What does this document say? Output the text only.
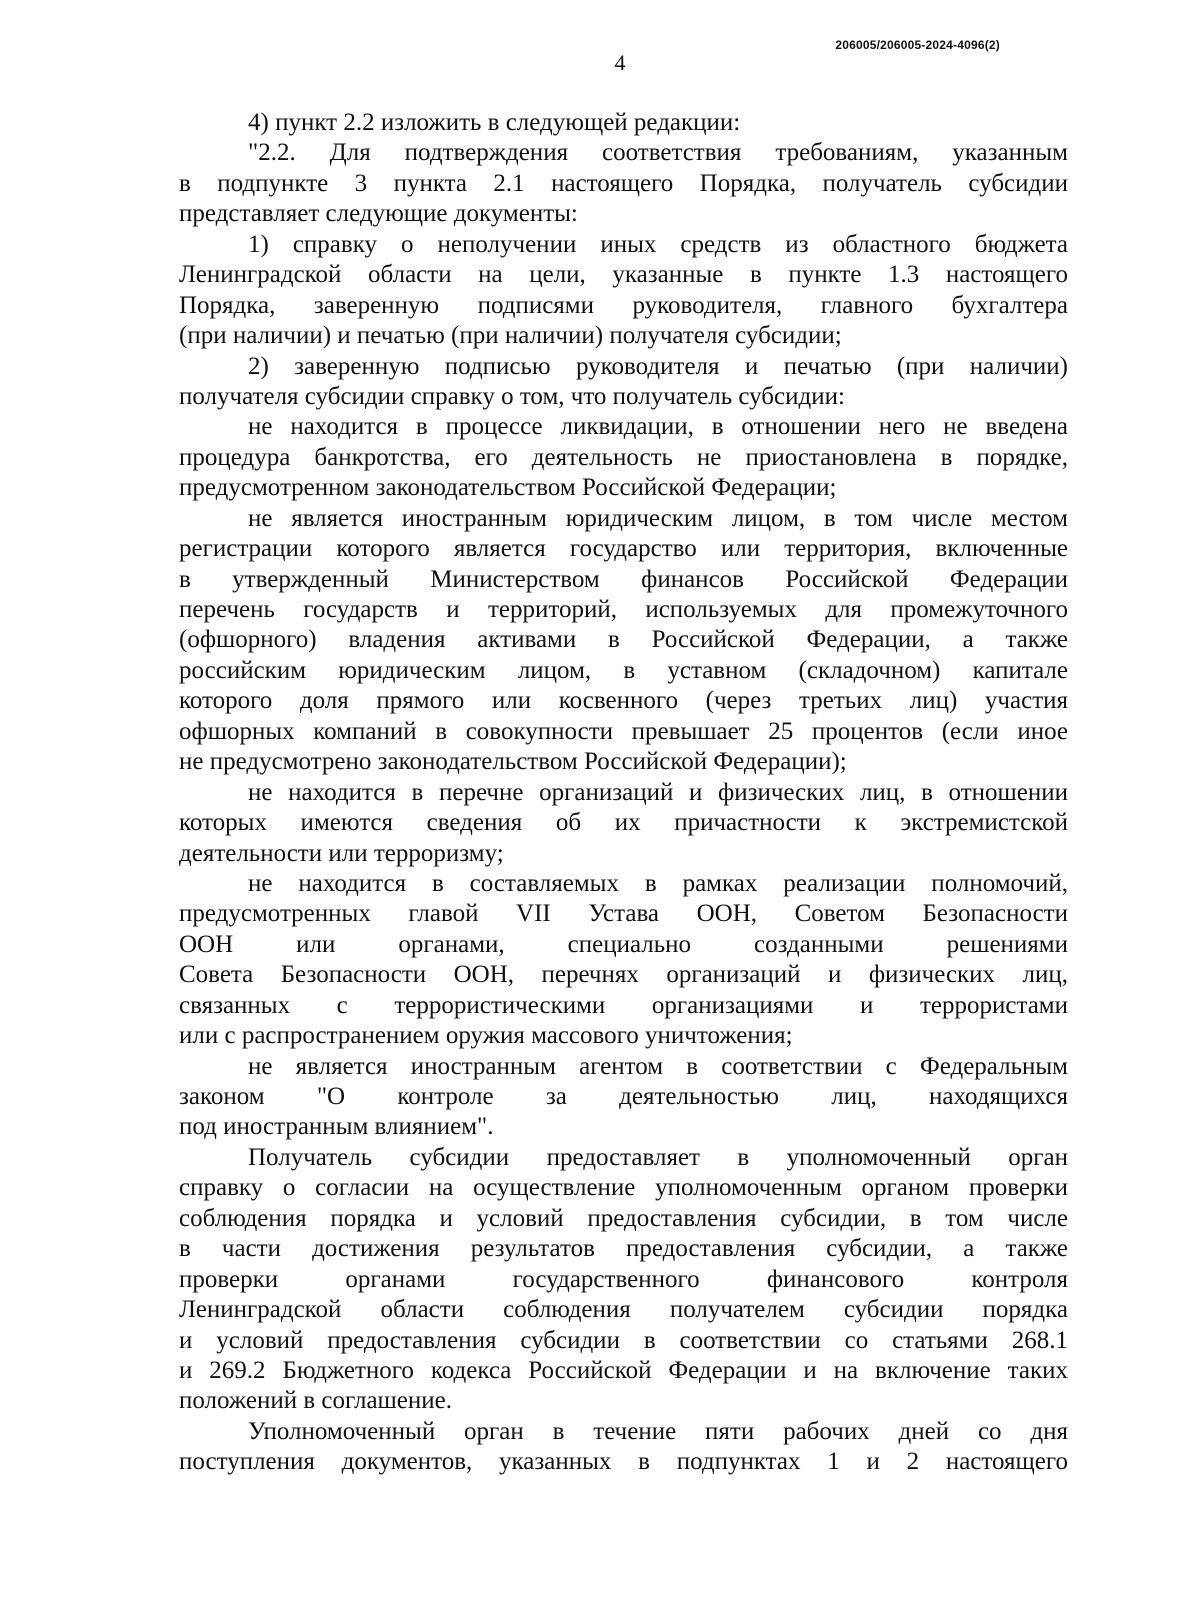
4
206005/206005-2024-4096(2)
4) пункт 2.2 изложить в следующей редакции:
"2.2. Для подтверждения соответствия требованиям, указанным
в подпункте 3 пункта 2.1 настоящего Порядка, получатель субсидии
представляет следующие документы:
1) справку о неполучении иных средств из областного бюджета
Ленинградской области на цели, указанные в пункте 1.3 настоящего
Порядка, заверенную подписями руководителя, главного бухгалтера
(при наличии) и печатью (при наличии) получателя субсидии;
2) заверенную подписью руководителя и печатью (при наличии)
получателя субсидии справку о том, что получатель субсидии:
не находится в процессе ликвидации, в отношении него не введена
процедура банкротства, его деятельность не приостановлена в порядке,
предусмотренном законодательством Российской Федерации;
не является иностранным юридическим лицом, в том числе местом
регистрации которого является государство или территория, включенные
в утвержденный Министерством финансов Российской Федерации
перечень государств и территорий, используемых для промежуточного
(офшорного) владения активами в Российской Федерации, а также
российским юридическим лицом, в уставном (складочном) капитале
которого доля прямого или косвенного (через третьих лиц) участия
офшорных компаний в совокупности превышает 25 процентов (если иное
не предусмотрено законодательством Российской Федерации);
не находится в перечне организаций и физических лиц, в отношении
которых имеются сведения об их причастности к экстремистской
деятельности или терроризму;
не находится в составляемых в рамках реализации полномочий,
предусмотренных главой VII Устава ООН, Советом Безопасности
ООН или органами, специально созданными решениями
Совета Безопасности ООН, перечнях организаций и физических лиц,
связанных с террористическими организациями и террористами
или с распространением оружия массового уничтожения;
не является иностранным агентом в соответствии с Федеральным
законом "О контроле за деятельностью лиц, находящихся
под иностранным влиянием".
Получатель субсидии предоставляет в уполномоченный орган
справку о согласии на осуществление уполномоченным органом проверки
соблюдения порядка и условий предоставления субсидии, в том числе
в части достижения результатов предоставления субсидии, а также
проверки органами государственного финансового контроля
Ленинградской области соблюдения получателем субсидии порядка
и условий предоставления субсидии в соответствии со статьями 268.1
и 269.2 Бюджетного кодекса Российской Федерации и на включение таких
положений в соглашение.
Уполномоченный орган в течение пяти рабочих дней со дня
поступления документов, указанных в подпунктах 1 и 2 настоящего
